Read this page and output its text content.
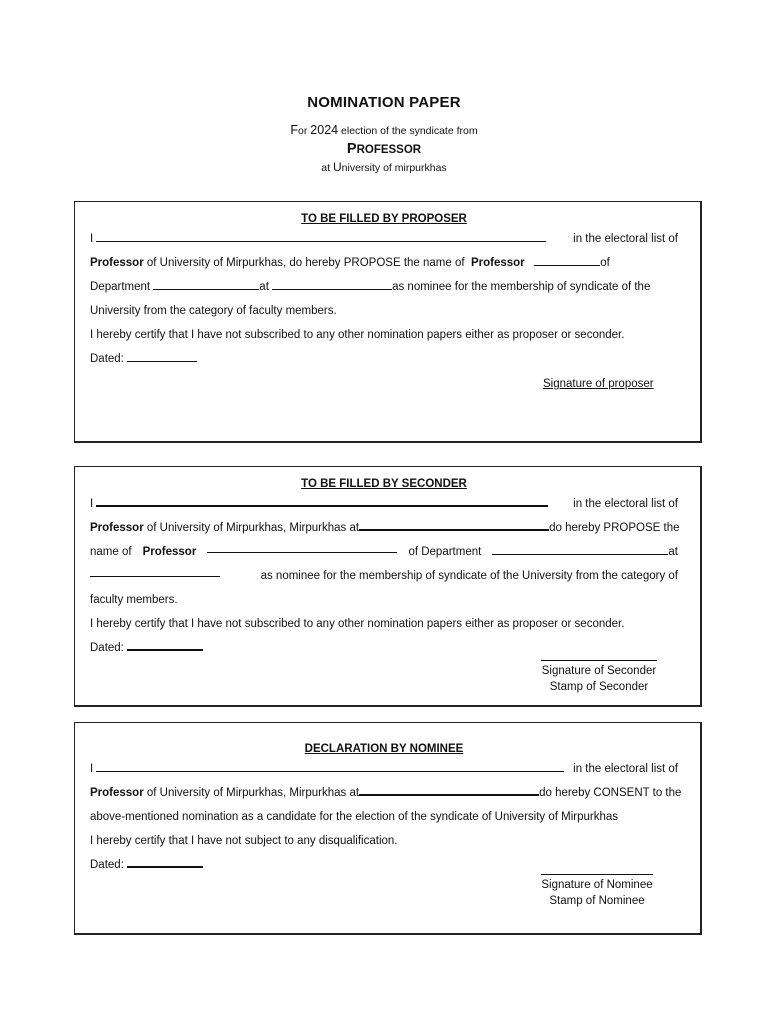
NOMINATION PAPER
For 2024 election of the syndicate from
PROFESSOR
at University of mirpurkhas
TO BE FILLED BY PROPOSER
I	in the electoral list of
Professor of University of Mirpurkhas, do hereby PROPOSE the name of Professor	of
Department	at	as nominee for the membership of syndicate of the
University from the category of faculty members.
I hereby certify that I have not subscribed to any other nomination papers either as proposer or seconder.
Dated:
Signature of proposer
TO BE FILLED BY SECONDER
I	in the electoral list of
Professor of University of Mirpurkhas, Mirpurkhas at	do hereby PROPOSE the
name of Professor	of Department	at
as nominee for the membership of syndicate of the University from the category of
faculty members.
I hereby certify that I have not subscribed to any other nomination papers either as proposer or seconder.
Dated:
Signature of Seconder
Stamp of Seconder
DECLARATION BY NOMINEE
I	in the electoral list of
Professor of University of Mirpurkhas, Mirpurkhas at	do hereby CONSENT to the
above-mentioned nomination as a candidate for the election of the syndicate of University of Mirpurkhas
I hereby certify that I have not subject to any disqualification.
Dated:
Signature of Nominee
Stamp of Nominee
